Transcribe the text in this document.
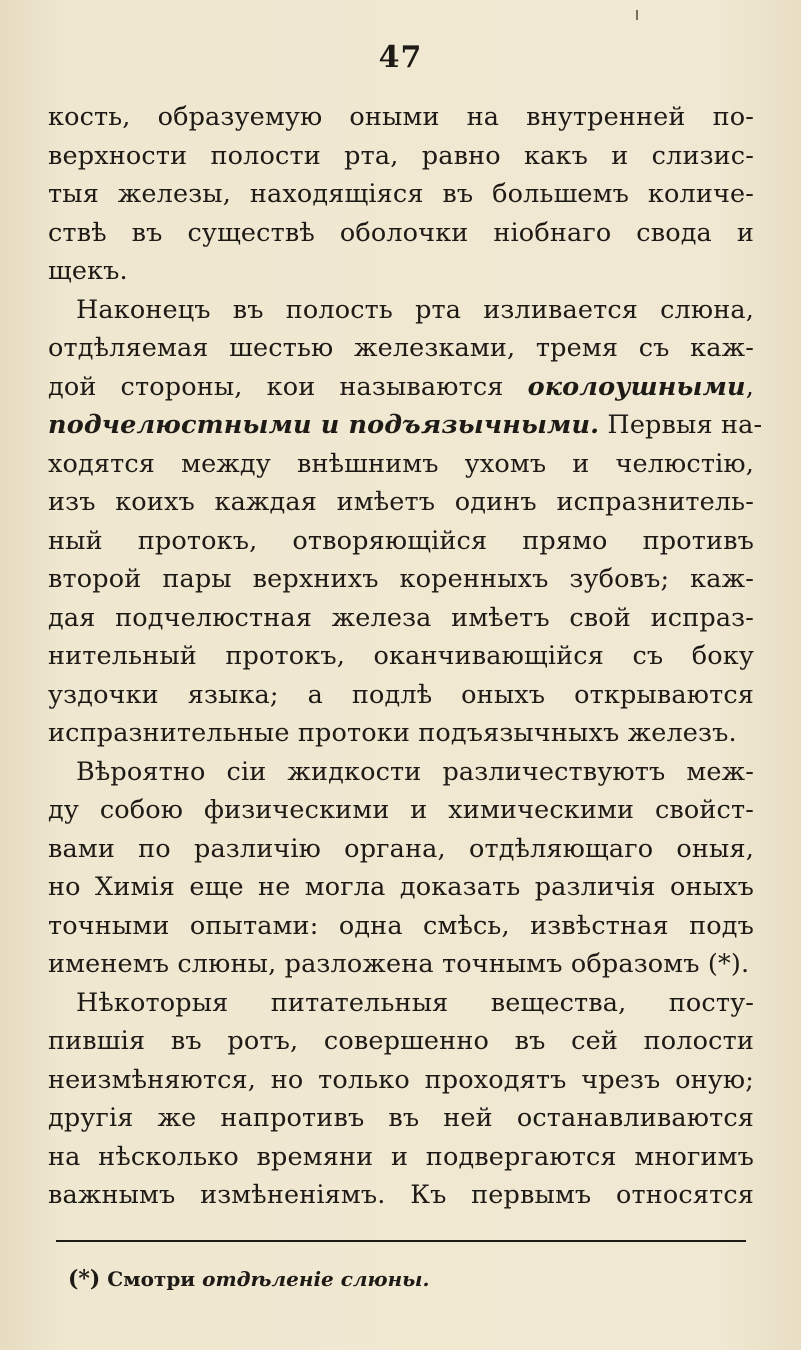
47
кость, образуемую оными на внутренней по-
верхности полости рта, равно какъ и слизис-
тыя железы, находящіяся въ большемъ количе-
ствѣ въ существѣ оболочки ніобнаго свода и
щекъ.
Наконецъ въ полость рта изливается слюна,
отдѣляемая шестью железками, тремя съ каж-
дой стороны, кои называются околоушными,
подчелюстными и подъязычными. Первыя на-
ходятся между внѣшнимъ ухомъ и челюстію,
изъ коихъ каждая имѣетъ одинъ испразнитель-
ный протокъ, отворяющійся прямо противъ
второй пары верхнихъ коренныхъ зубовъ; каж-
дая подчелюстная железа имѣетъ свой испраз-
нительный протокъ, оканчивающійся съ боку
уздочки языка; а подлѣ оныхъ открываются
испразнительные протоки подъязычныхъ железъ.
Вѣроятно сіи жидкости различествуютъ меж-
ду собою физическими и химическими свойст-
вами по различію органа, отдѣляющаго оныя,
но Химія еще не могла доказать различія оныхъ
точными опытами: одна смѣсь, извѣстная подъ
именемъ слюны, разложена точнымъ образомъ (*).
Нѣкоторыя питательныя вещества, посту-
пившія въ ротъ, совершенно въ сей полости
неизмѣняются, но только проходятъ чрезъ оную;
другія же напротивъ въ ней останавливаются
на нѣсколько времяни и подвергаются многимъ
важнымъ измѣненіямъ. Къ первымъ относятся
(*) Смотри отдѣленіе слюны.
